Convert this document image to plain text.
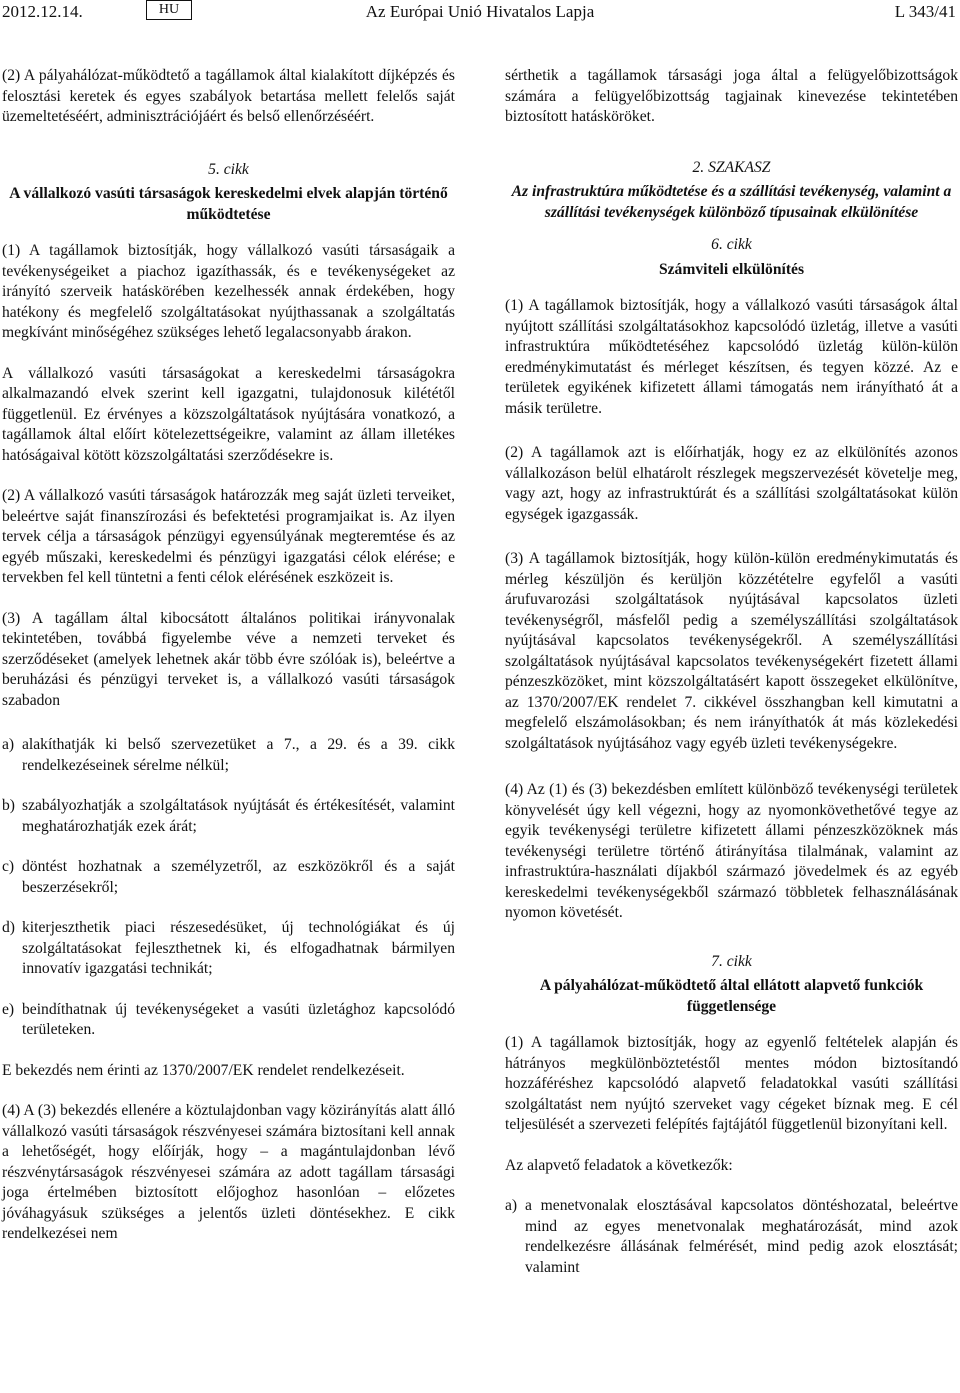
2012.12.14.	Az Európai Unió Hivatalos Lapja
HU	L 343/41

(2) A pályahálózat-működtető a tagállamok által kialakított díjképzés és felosztási keretek és egyes szabályok betartása mellett felelős saját üzemeltetéséért, adminisztrációjáért és belső ellenőrzéséért.

5. cikk
A vállalkozó vasúti társaságok kereskedelmi elvek alapján történő működtetése

(1) A tagállamok biztosítják, hogy vállalkozó vasúti társaságaik a tevékenységeiket a piachoz igazíthassák, és e tevékenységeket az irányító szerveik hatáskörében kezelhessék annak érdekében, hogy hatékony és megfelelő szolgáltatásokat nyújthassanak a szolgáltatás megkívánt minőségéhez szükséges lehető legalacsonyabb árakon.

A vállalkozó vasúti társaságokat a kereskedelmi társaságokra alkalmazandó elvek szerint kell igazgatni, tulajdonosuk kilététől függetlenül. Ez érvényes a közszolgáltatások nyújtására vonatkozó, a tagállamok által előírt kötelezettségeikre, valamint az állam illetékes hatóságaival kötött közszolgáltatási szerződésekre is.

(2) A vállalkozó vasúti társaságok határozzák meg saját üzleti terveiket, beleértve saját finanszírozási és befektetési programjaikat is. Az ilyen tervek célja a társaságok pénzügyi egyensúlyának megteremtése és az egyéb műszaki, kereskedelmi és pénzügyi igazgatási célok elérése; e tervekben fel kell tüntetni a fenti célok elérésének eszközeit is.

(3) A tagállam által kibocsátott általános politikai irányvonalak tekintetében, továbbá figyelembe véve a nemzeti terveket és szerződéseket (amelyek lehetnek akár több évre szólóak is), beleértve a beruházási és pénzügyi terveket is, a vállalkozó vasúti társaságok szabadon

a) alakíthatják ki belső szervezetüket a 7., a 29. és a 39. cikk rendelkezéseinek sérelme nélkül;
b) szabályozhatják a szolgáltatások nyújtását és értékesítését, valamint meghatározhatják ezek árát;
c) döntést hozhatnak a személyzetről, az eszközökről és a saját beszerzésekről;
d) kiterjeszthetik piaci részesedésüket, új technológiákat és új szolgáltatásokat fejleszthetnek ki, és elfogadhatnak bármilyen innovatív igazgatási technikát;
e) beindíthatnak új tevékenységeket a vasúti üzletághoz kapcsolódó területeken.

E bekezdés nem érinti az 1370/2007/EK rendelet rendelkezéseit.

(4) A (3) bekezdés ellenére a köztulajdonban vagy közirányítás alatt álló vállalkozó vasúti társaságok részvényesei számára biztosítani kell annak a lehetőségét, hogy előírják, hogy – a magántulajdonban lévő részvénytársaságok részvényesei számára az adott tagállam társasági joga értelmében biztosított előjoghoz hasonlóan – előzetes jóváhagyásuk szükséges a jelentős üzleti döntésekhez. E cikk rendelkezései nem

sérthetik a tagállamok társasági joga által a felügyelőbizottságok számára a felügyelőbizottság tagjainak kinevezése tekintetében biztosított hatásköröket.

2. SZAKASZ
Az infrastruktúra működtetése és a szállítási tevékenység, valamint a szállítási tevékenységek különböző típusainak elkülönítése
6. cikk
Számviteli elkülönítés

(1) A tagállamok biztosítják, hogy a vállalkozó vasúti társaságok által nyújtott szállítási szolgáltatásokhoz kapcsolódó üzletág, illetve a vasúti infrastruktúra működtetéséhez kapcsolódó üzletág külön-külön eredménykimutatást és mérleget készítsen, és tegyen közzé. Az e területek egyikének kifizetett állami támogatás nem irányítható át a másik területre.

(2) A tagállamok azt is előírhatják, hogy ez az elkülönítés azonos vállalkozáson belül elhatárolt részlegek megszervezését követelje meg, vagy azt, hogy az infrastruktúrát és a szállítási szolgáltatásokat külön egységek igazgassák.

(3) A tagállamok biztosítják, hogy külön-külön eredménykimutatás és mérleg készüljön és kerüljön közzétételre egyfelől a vasúti árufuvarozási szolgáltatások nyújtásával kapcsolatos üzleti tevékenységről, másfelől pedig a személyszállítási szolgáltatások nyújtásával kapcsolatos tevékenységekről. A személyszállítási szolgáltatások nyújtásával kapcsolatos tevékenységekért fizetett állami pénzeszközöket, mint közszolgáltatásért kapott összegeket elkülönítve, az 1370/2007/EK rendelet 7. cikkével összhangban kell kimutatni a megfelelő elszámolásokban; és nem irányíthatók át más közlekedési szolgáltatások nyújtásához vagy egyéb üzleti tevékenységekre.

(4) Az (1) és (3) bekezdésben említett különböző tevékenységi területek könyvelését úgy kell végezni, hogy az nyomonkövethetővé tegye az egyik tevékenységi területre kifizetett állami pénzeszközöknek más tevékenységi területre történő átirányítása tilalmának, valamint az infrastruktúra-használati díjakból származó jövedelmek és az egyéb kereskedelmi tevékenységekből származó többletek felhasználásának nyomon követését.

7. cikk
A pályahálózat-működtető által ellátott alapvető funkciók függetlensége

(1) A tagállamok biztosítják, hogy az egyenlő feltételek alapján és hátrányos megkülönböztetéstől mentes módon biztosítandó hozzáféréshez kapcsolódó alapvető feladatokkal vasúti szállítási szolgáltatást nem nyújtó szerveket vagy cégeket bíznak meg. E cél teljesülését a szervezeti felépítés fajtájától függetlenül bizonyítani kell.

Az alapvető feladatok a következők:

a) a menetvonalak elosztásával kapcsolatos döntéshozatal, beleértve mind az egyes menetvonalak meghatározását, mind azok rendelkezésre állásának felmérését, mind pedig azok elosztását; valamint
